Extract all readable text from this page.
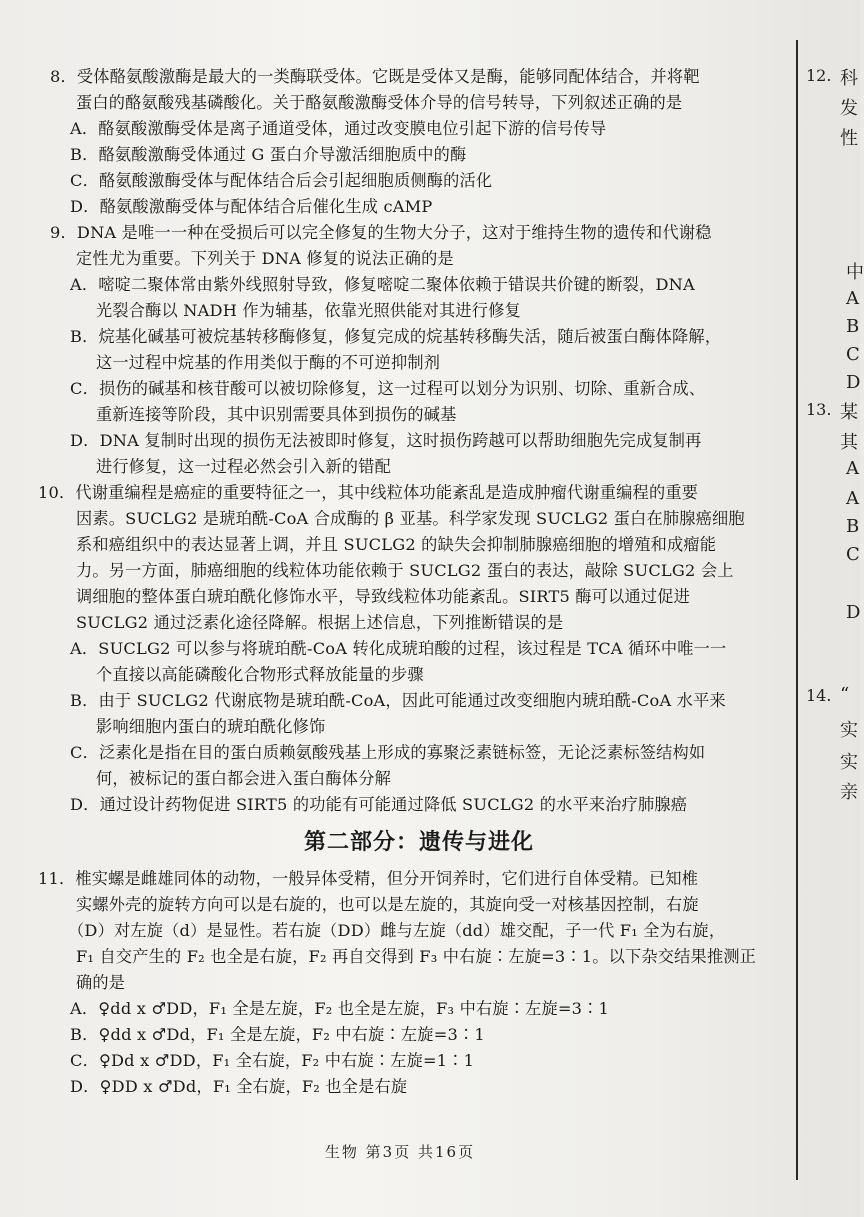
8．受体酪氨酸激酶是最大的一类酶联受体。它既是受体又是酶，能够同配体结合，并将靶

蛋白的酪氨酸残基磷酸化。关于酪氨酸激酶受体介导的信号转导，下列叙述正确的是

A．酪氨酸激酶受体是离子通道受体，通过改变膜电位引起下游的信号传导

B．酪氨酸激酶受体通过 G 蛋白介导激活细胞质中的酶

C．酪氨酸激酶受体与配体结合后会引起细胞质侧酶的活化

D．酪氨酸激酶受体与配体结合后催化生成 cAMP

9．DNA 是唯一一种在受损后可以完全修复的生物大分子，这对于维持生物的遗传和代谢稳

定性尤为重要。下列关于 DNA 修复的说法正确的是

A．嘧啶二聚体常由紫外线照射导致，修复嘧啶二聚体依赖于错误共价键的断裂，DNA

光裂合酶以 NADH 作为辅基，依靠光照供能对其进行修复

B．烷基化碱基可被烷基转移酶修复，修复完成的烷基转移酶失活，随后被蛋白酶体降解，

这一过程中烷基的作用类似于酶的不可逆抑制剂

C．损伤的碱基和核苷酸可以被切除修复，这一过程可以划分为识别、切除、重新合成、

重新连接等阶段，其中识别需要具体到损伤的碱基

D．DNA 复制时出现的损伤无法被即时修复，这时损伤跨越可以帮助细胞先完成复制再

进行修复，这一过程必然会引入新的错配

10．代谢重编程是癌症的重要特征之一，其中线粒体功能紊乱是造成肿瘤代谢重编程的重要

因素。SUCLG2 是琥珀酰-CoA 合成酶的 β 亚基。科学家发现 SUCLG2 蛋白在肺腺癌细胞

系和癌组织中的表达显著上调，并且 SUCLG2 的缺失会抑制肺腺癌细胞的增殖和成瘤能

力。另一方面，肺癌细胞的线粒体功能依赖于 SUCLG2 蛋白的表达，敲除 SUCLG2 会上

调细胞的整体蛋白琥珀酰化修饰水平，导致线粒体功能紊乱。SIRT5 酶可以通过促进

SUCLG2 通过泛素化途径降解。根据上述信息，下列推断错误的是

A．SUCLG2 可以参与将琥珀酰-CoA 转化成琥珀酸的过程，该过程是 TCA 循环中唯一一

个直接以高能磷酸化合物形式释放能量的步骤

B．由于 SUCLG2 代谢底物是琥珀酰-CoA，因此可能通过改变细胞内琥珀酰-CoA 水平来

影响细胞内蛋白的琥珀酰化修饰

C．泛素化是指在目的蛋白质赖氨酸残基上形成的寡聚泛素链标签，无论泛素标签结构如

何，被标记的蛋白都会进入蛋白酶体分解

D．通过设计药物促进 SIRT5 的功能有可能通过降低 SUCLG2 的水平来治疗肺腺癌

第二部分：遗传与进化

11．椎实螺是雌雄同体的动物，一般异体受精，但分开饲养时，它们进行自体受精。已知椎

实螺外壳的旋转方向可以是右旋的，也可以是左旋的，其旋向受一对核基因控制，右旋

（D）对左旋（d）是显性。若右旋（DD）雌与左旋（dd）雄交配，子一代 F₁ 全为右旋，

F₁ 自交产生的 F₂ 也全是右旋，F₂ 再自交得到 F₃ 中右旋∶左旋=3∶1。以下杂交结果推测正

确的是

A．♀dd x ♂DD，F₁ 全是左旋，F₂ 也全是左旋，F₃ 中右旋∶左旋=3∶1

B．♀dd x ♂Dd，F₁ 全是左旋，F₂ 中右旋∶左旋=3∶1

C．♀Dd x ♂DD，F₁ 全右旋，F₂ 中右旋∶左旋=1∶1

D．♀DD x ♂Dd，F₁ 全右旋，F₂ 也全是右旋

生物 第3页 共16页
12. 科
发
性
中
A
B
C
D
13. 某
其
A
A
B
C
D
14. “
实
实
亲
